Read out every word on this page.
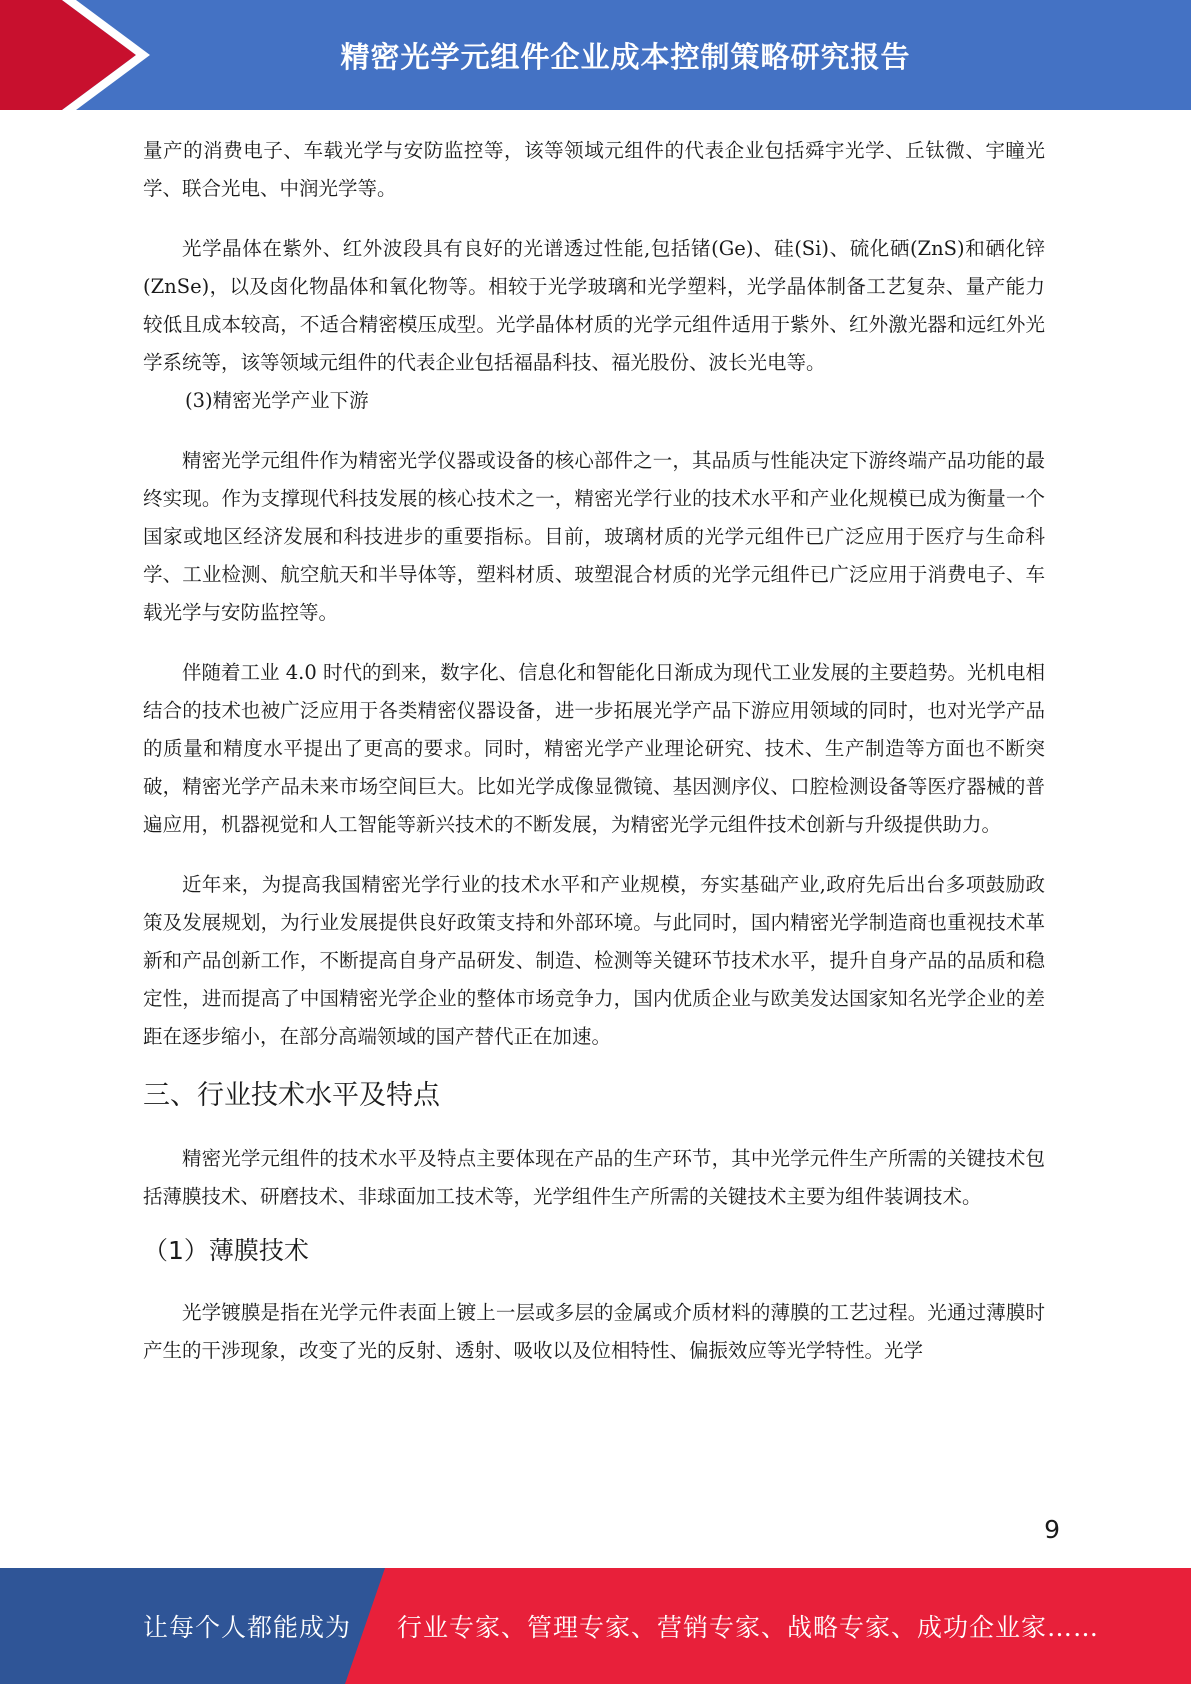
精密光学元组件企业成本控制策略研究报告

量产的消费电子、车载光学与安防监控等，该等领域元组件的代表企业包括舜宇光学、丘钛微、宇瞳光学、联合光电、中润光学等。

光学晶体在紫外、红外波段具有良好的光谱透过性能,包括锗(Ge)、硅(Si)、硫化硒(ZnS)和硒化锌(ZnSe)，以及卤化物晶体和氧化物等。相较于光学玻璃和光学塑料，光学晶体制备工艺复杂、量产能力较低且成本较高，不适合精密模压成型。光学晶体材质的光学元组件适用于紫外、红外激光器和远红外光学系统等，该等领域元组件的代表企业包括福晶科技、福光股份、波长光电等。

(3)精密光学产业下游

精密光学元组件作为精密光学仪器或设备的核心部件之一，其品质与性能决定下游终端产品功能的最终实现。作为支撑现代科技发展的核心技术之一，精密光学行业的技术水平和产业化规模已成为衡量一个国家或地区经济发展和科技进步的重要指标。目前，玻璃材质的光学元组件已广泛应用于医疗与生命科学、工业检测、航空航天和半导体等，塑料材质、玻塑混合材质的光学元组件已广泛应用于消费电子、车载光学与安防监控等。

伴随着工业 4.0 时代的到来，数字化、信息化和智能化日渐成为现代工业发展的主要趋势。光机电相结合的技术也被广泛应用于各类精密仪器设备，进一步拓展光学产品下游应用领域的同时，也对光学产品的质量和精度水平提出了更高的要求。同时，精密光学产业理论研究、技术、生产制造等方面也不断突破，精密光学产品未来市场空间巨大。比如光学成像显微镜、基因测序仪、口腔检测设备等医疗器械的普遍应用，机器视觉和人工智能等新兴技术的不断发展，为精密光学元组件技术创新与升级提供助力。

近年来，为提高我国精密光学行业的技术水平和产业规模，夯实基础产业,政府先后出台多项鼓励政策及发展规划，为行业发展提供良好政策支持和外部环境。与此同时，国内精密光学制造商也重视技术革新和产品创新工作，不断提高自身产品研发、制造、检测等关键环节技术水平，提升自身产品的品质和稳定性，进而提高了中国精密光学企业的整体市场竞争力，国内优质企业与欧美发达国家知名光学企业的差距在逐步缩小，在部分高端领域的国产替代正在加速。

三、行业技术水平及特点

精密光学元组件的技术水平及特点主要体现在产品的生产环节，其中光学元件生产所需的关键技术包括薄膜技术、研磨技术、非球面加工技术等，光学组件生产所需的关键技术主要为组件装调技术。

（1）薄膜技术

光学镀膜是指在光学元件表面上镀上一层或多层的金属或介质材料的薄膜的工艺过程。光通过薄膜时产生的干涉现象，改变了光的反射、透射、吸收以及位相特性、偏振效应等光学特性。光学

9
让每个人都能成为 行业专家、管理专家、营销专家、战略专家、成功企业家……
